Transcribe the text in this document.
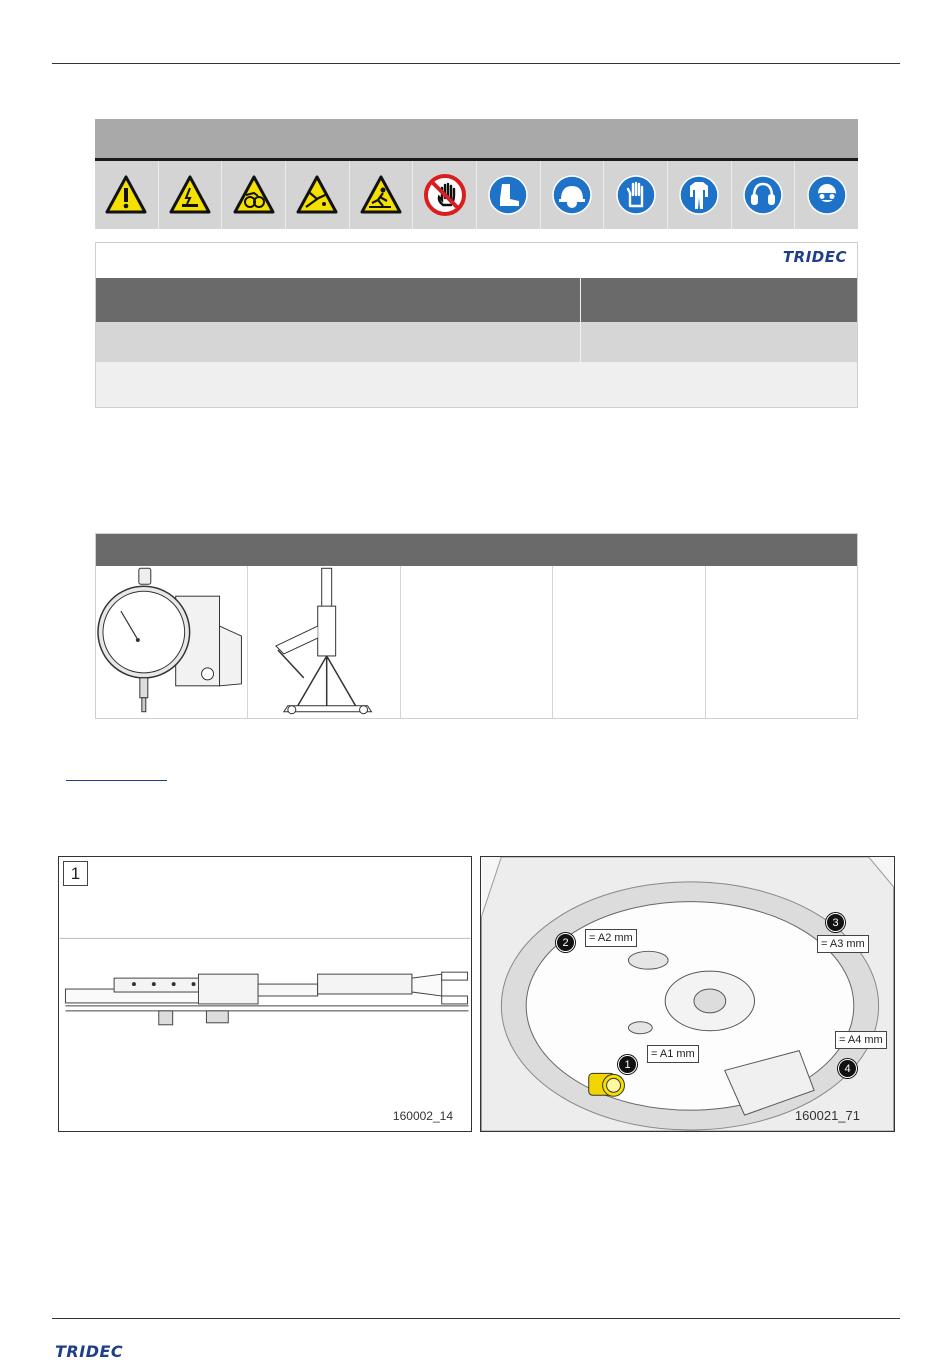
TRIDEC
1
160002_14
1
= A1 mm
2	= A2 mm
3
= A3 mm
= A4 mm
4
160021_71
TRIDEC
